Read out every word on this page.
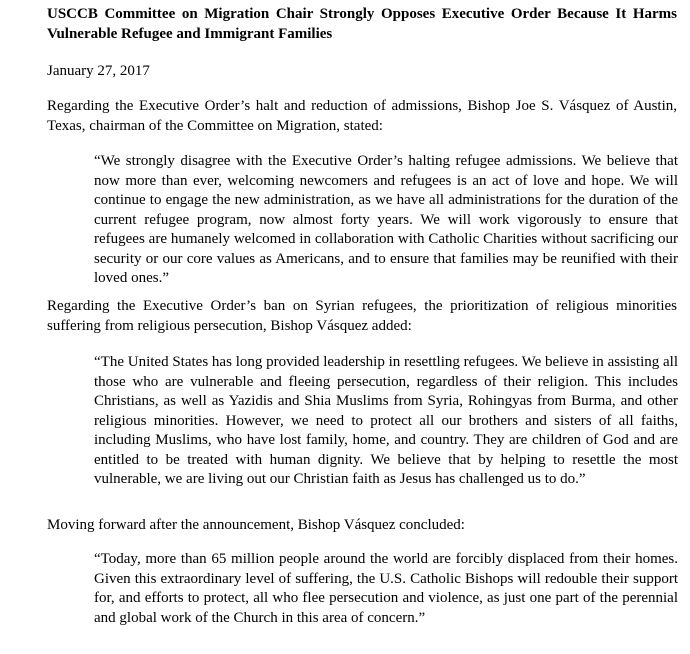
USCCB Committee on Migration Chair Strongly Opposes Executive Order Because It Harms Vulnerable Refugee and Immigrant Families
January 27, 2017
Regarding the Executive Order’s halt and reduction of admissions, Bishop Joe S. Vásquez of Austin, Texas, chairman of the Committee on Migration, stated:
“We strongly disagree with the Executive Order’s halting refugee admissions. We believe that now more than ever, welcoming newcomers and refugees is an act of love and hope. We will continue to engage the new administration, as we have all administrations for the duration of the current refugee program, now almost forty years. We will work vigorously to ensure that refugees are humanely welcomed in collaboration with Catholic Charities without sacrificing our security or our core values as Americans, and to ensure that families may be reunified with their loved ones.”
Regarding the Executive Order’s ban on Syrian refugees, the prioritization of religious minorities suffering from religious persecution, Bishop Vásquez added:
“The United States has long provided leadership in resettling refugees. We believe in assisting all those who are vulnerable and fleeing persecution, regardless of their religion. This includes Christians, as well as Yazidis and Shia Muslims from Syria, Rohingyas from Burma, and other religious minorities. However, we need to protect all our brothers and sisters of all faiths, including Muslims, who have lost family, home, and country. They are children of God and are entitled to be treated with human dignity. We believe that by helping to resettle the most vulnerable, we are living out our Christian faith as Jesus has challenged us to do.”
Moving forward after the announcement, Bishop Vásquez concluded:
“Today, more than 65 million people around the world are forcibly displaced from their homes. Given this extraordinary level of suffering, the U.S. Catholic Bishops will redouble their support for, and efforts to protect, all who flee persecution and violence, as just one part of the perennial and global work of the Church in this area of concern.”
